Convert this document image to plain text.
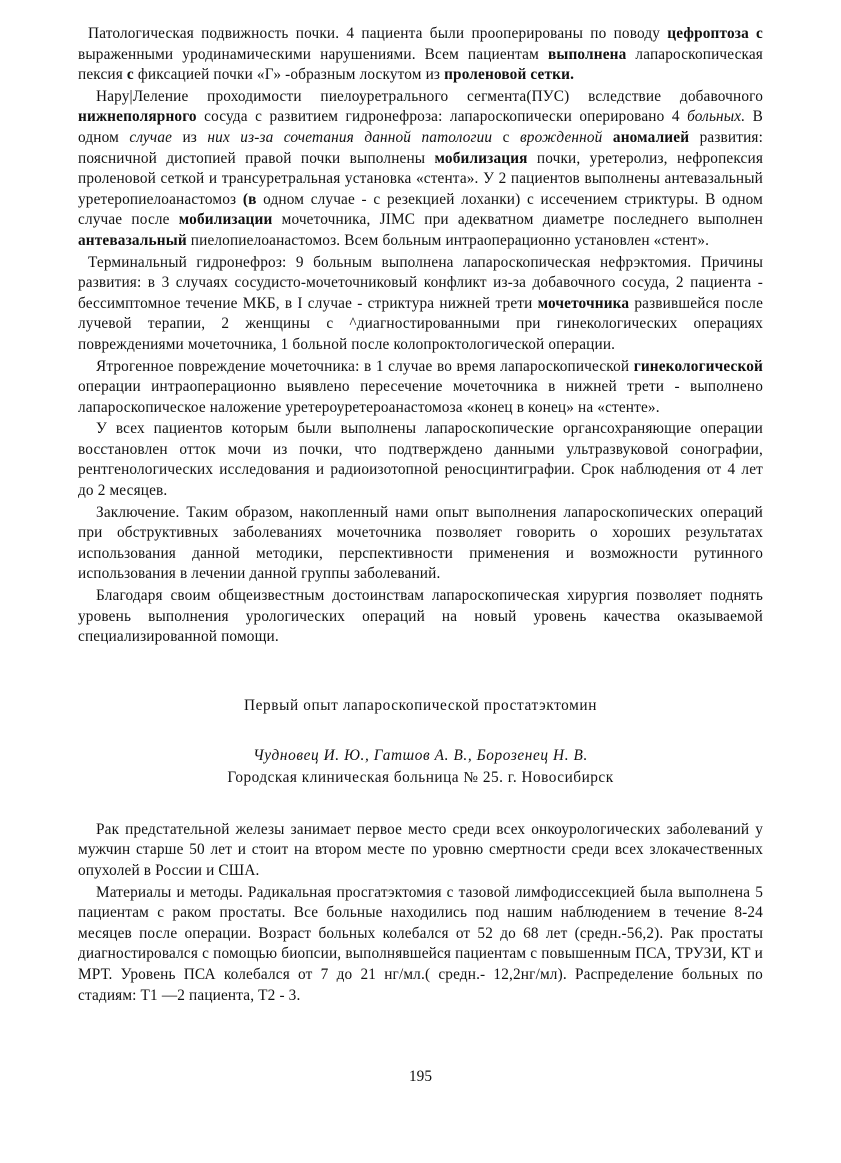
Патологическая подвижность почки. 4 пациента были прооперированы по поводу цефроптоза с выраженными уродинамическими нарушениями. Всем пациентам выполнена лапароскопическая пексия с фиксацией почки «Г» -образным лоскутом из проленовой сетки.

Нару|Леление проходимости пиелоуретрального сегмента(ПУС) вследствие добавочного нижнеполярного сосуда с развитием гидронефроза: лапароскопически оперировано 4 больных. В одном случае из них из-за сочетания данной патологии с врожденной аномалией развития: поясничной дистопией правой почки выполнены мобилизация почки, уретеролиз, нефропексия проленовой сеткой и трансуретральная установка «стента». У 2 пациентов выполнены антевазальный уретеропиелоанастомоз (в одном случае - с резекцией лоханки) с иссечением стриктуры. В одном случае после мобилизации мочеточника, JIMC при адекватном диаметре последнего выполнен антевазальный пиелопиелоанастомоз. Всем больным интраоперационно установлен «стент».

Терминальный гидронефроз: 9 больным выполнена лапароскопическая нефрэктомия. Причины развития: в 3 случаях сосудисто-мочеточниковый конфликт из-за добавочного сосуда, 2 пациента - бессимптомное течение МКБ, в I случае - стриктура нижней трети мочеточника развившейся после лучевой терапии, 2 женщины с ^диагностированными при гинекологических операциях повреждениями мочеточника, 1 больной после колопроктологической операции.

Ятрогенное повреждение мочеточника: в 1 случае во время лапароскопической гинекологической операции интраоперационно выявлено пересечение мочеточника в нижней трети - выполнено лапароскопическое наложение уретероуретероанастомоза «конец в конец» на «стенте».

У всех пациентов которым были выполнены лапароскопические органсохраняющие операции восстановлен отток мочи из почки, что подтверждено данными ультразвуковой сонографии, рентгенологических исследования и радиоизотопной реносцинтиграфии. Срок наблюдения от 4 лет до 2 месяцев.

Заключение. Таким образом, накопленный нами опыт выполнения лапароскопических операций при обструктивных заболеваниях мочеточника позволяет говорить о хороших результатах использования данной методики, перспективности применения и возможности рутинного использования в лечении данной группы заболеваний.

Благодаря своим общеизвестным достоинствам лапароскопическая хирургия позволяет поднять уровень выполнения урологических операций на новый уровень качества оказываемой специализированной помощи.

Первый опыт лапароскопической простатэктомин
Чудновец И. Ю., Гатшов А. В., Борозенец Н. В.
Городская клиническая больница № 25. г. Новосибирск

Рак предстательной железы занимает первое место среди всех онкоурологических заболеваний у мужчин старше 50 лет и стоит на втором месте по уровню смертности среди всех злокачественных опухолей в России и США.

Материалы и методы. Радикальная просгатэктомия с тазовой лимфодиссекцией была выполнена 5 пациентам с раком простаты. Все больные находились под нашим наблюдением в течение 8-24 месяцев после операции. Возраст больных колебался от 52 до 68 лет (средн.-56,2). Рак простаты диагностировался с помощью биопсии, выполнявшейся пациентам с повышенным ПСА, ТРУЗИ, КТ и МРТ. Уровень ПСА колебался от 7 до 21 нг/мл.( средн.- 12,2нг/мл). Распределение больных по стадиям: Т1 —2 пациента, Т2 - 3.

195
